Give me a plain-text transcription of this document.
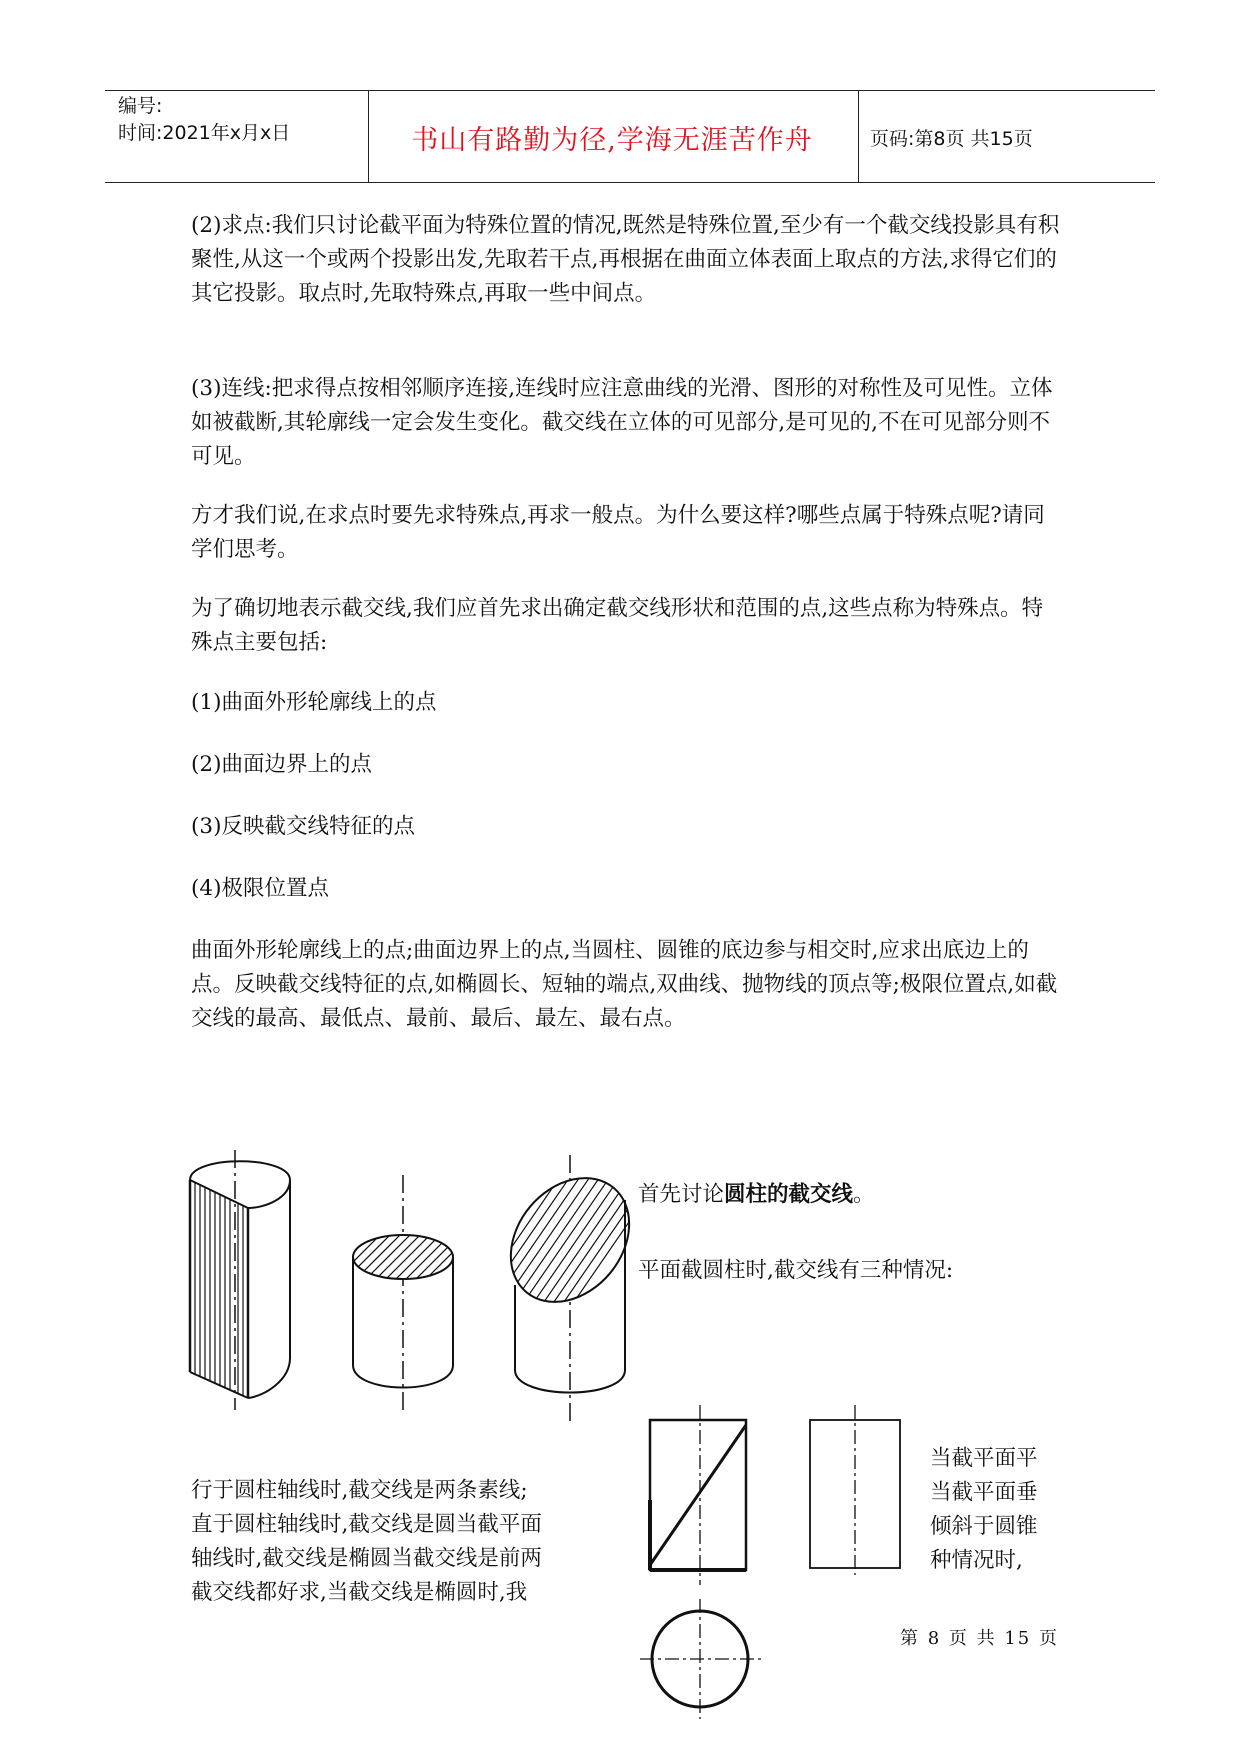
编号:
时间:2021年x月x日	书山有路勤为径,学海无涯苦作舟	页码:第8页 共15页

(2)求点:我们只讨论截平面为特殊位置的情况,既然是特殊位置,至少有一个截交线投影具有积聚性,从这一个或两个投影出发,先取若干点,再根据在曲面立体表面上取点的方法,求得它们的其它投影。取点时,先取特殊点,再取一些中间点。

(3)连线:把求得点按相邻顺序连接,连线时应注意曲线的光滑、图形的对称性及可见性。立体如被截断,其轮廓线一定会发生变化。截交线在立体的可见部分,是可见的,不在可见部分则不可见。

方才我们说,在求点时要先求特殊点,再求一般点。为什么要这样?哪些点属于特殊点呢?请同学们思考。

为了确切地表示截交线,我们应首先求出确定截交线形状和范围的点,这些点称为特殊点。特殊点主要包括:

(1)曲面外形轮廓线上的点

(2)曲面边界上的点

(3)反映截交线特征的点

(4)极限位置点

曲面外形轮廓线上的点;曲面边界上的点,当圆柱、圆锥的底边参与相交时,应求出底边上的点。反映截交线特征的点,如椭圆长、短轴的端点,双曲线、抛物线的顶点等;极限位置点,如截交线的最高、最低点、最前、最后、最左、最右点。

首先讨论圆柱的截交线。
平面截圆柱时,截交线有三种情况:
行于圆柱轴线时,截交线是两条素线;
直于圆柱轴线时,截交线是圆当截平面
轴线时,截交线是椭圆当截交线是前两
截交线都好求,当截交线是椭圆时,我
当截平面平
当截平面垂
倾斜于圆锥
种情况时,
第 8 页 共 15 页
